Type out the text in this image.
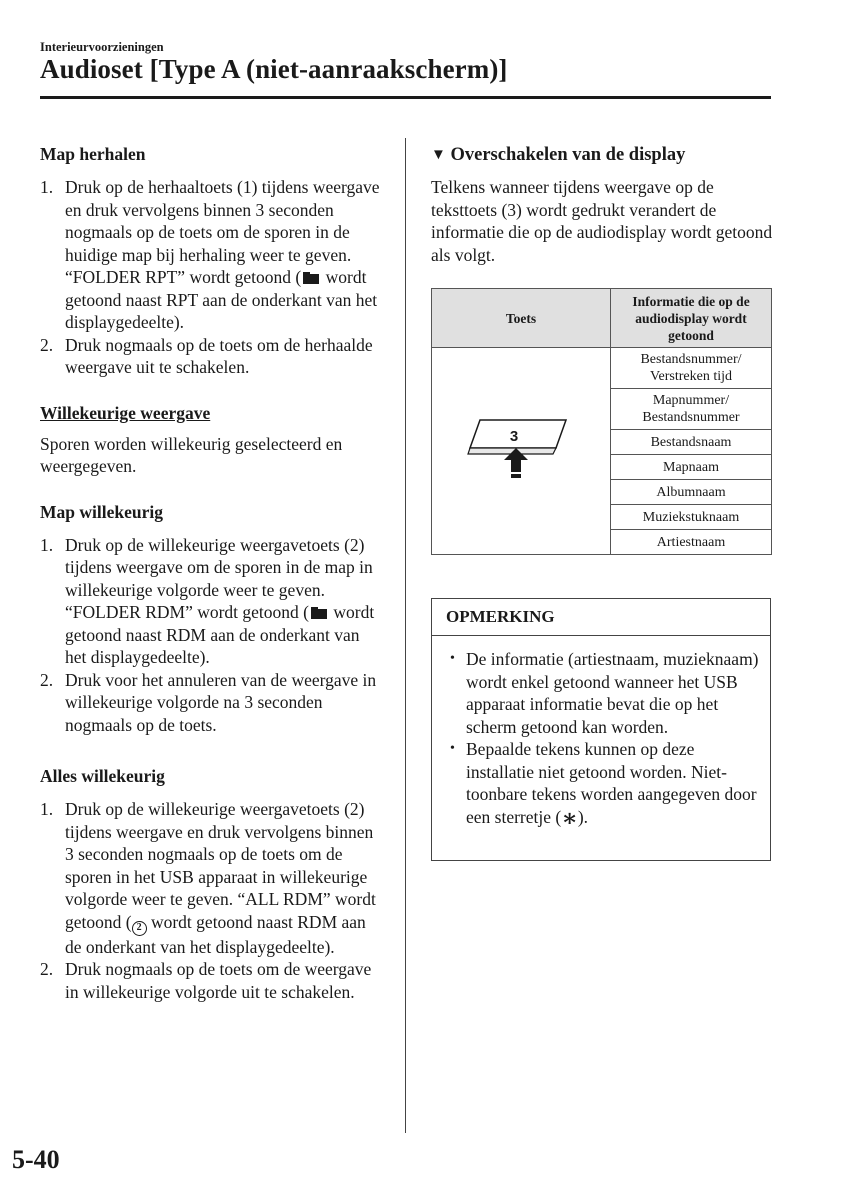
Interieurvoorzieningen
Audioset [Type A (niet-aanraakscherm)]

Map herhalen

1. Druk op de herhaaltoets (1) tijdens weergave en druk vervolgens binnen 3 seconden nogmaals op de toets om de sporen in de huidige map bij herhaling weer te geven. “FOLDER RPT” wordt getoond ( wordt getoond naast RPT aan de onderkant van het displaygedeelte).
2. Druk nogmaals op de toets om de herhaalde weergave uit te schakelen.

Willekeurige weergave

Sporen worden willekeurig geselecteerd en weergegeven.

Map willekeurig

1. Druk op de willekeurige weergavetoets (2) tijdens weergave om de sporen in de map in willekeurige volgorde weer te geven. “FOLDER RDM” wordt getoond ( wordt getoond naast RDM aan de onderkant van het displaygedeelte).
2. Druk voor het annuleren van de weergave in willekeurige volgorde na 3 seconden nogmaals op de toets.

Alles willekeurig

1. Druk op de willekeurige weergavetoets (2) tijdens weergave en druk vervolgens binnen 3 seconden nogmaals op de toets om de sporen in het USB apparaat in willekeurige volgorde weer te geven. “ALL RDM” wordt getoond ( 2 wordt getoond naast RDM aan de onderkant van het displaygedeelte).
2. Druk nogmaals op de toets om de weergave in willekeurige volgorde uit te schakelen.

▼ Overschakelen van de display

Telkens wanneer tijdens weergave op de teksttoets (3) wordt gedrukt verandert de informatie die op de audiodisplay wordt getoond als volgt.

Toets	Informatie die op de audiodisplay wordt getoond

3	Bestandsnummer/ Verstreken tijd
	Mapnummer/ Bestandsnummer
	Bestandsnaam
	Mapnaam
	Albumnaam
	Muziekstuknaam
	Artiestnaam
OPMERKING
• De informatie (artiestnaam, muzieknaam) wordt enkel getoond wanneer het USB apparaat informatie bevat die op het scherm getoond kan worden.
• Bepaalde tekens kunnen op deze installatie niet getoond worden. Niet-toonbare tekens worden aangegeven door een sterretje (∗).
5-40
